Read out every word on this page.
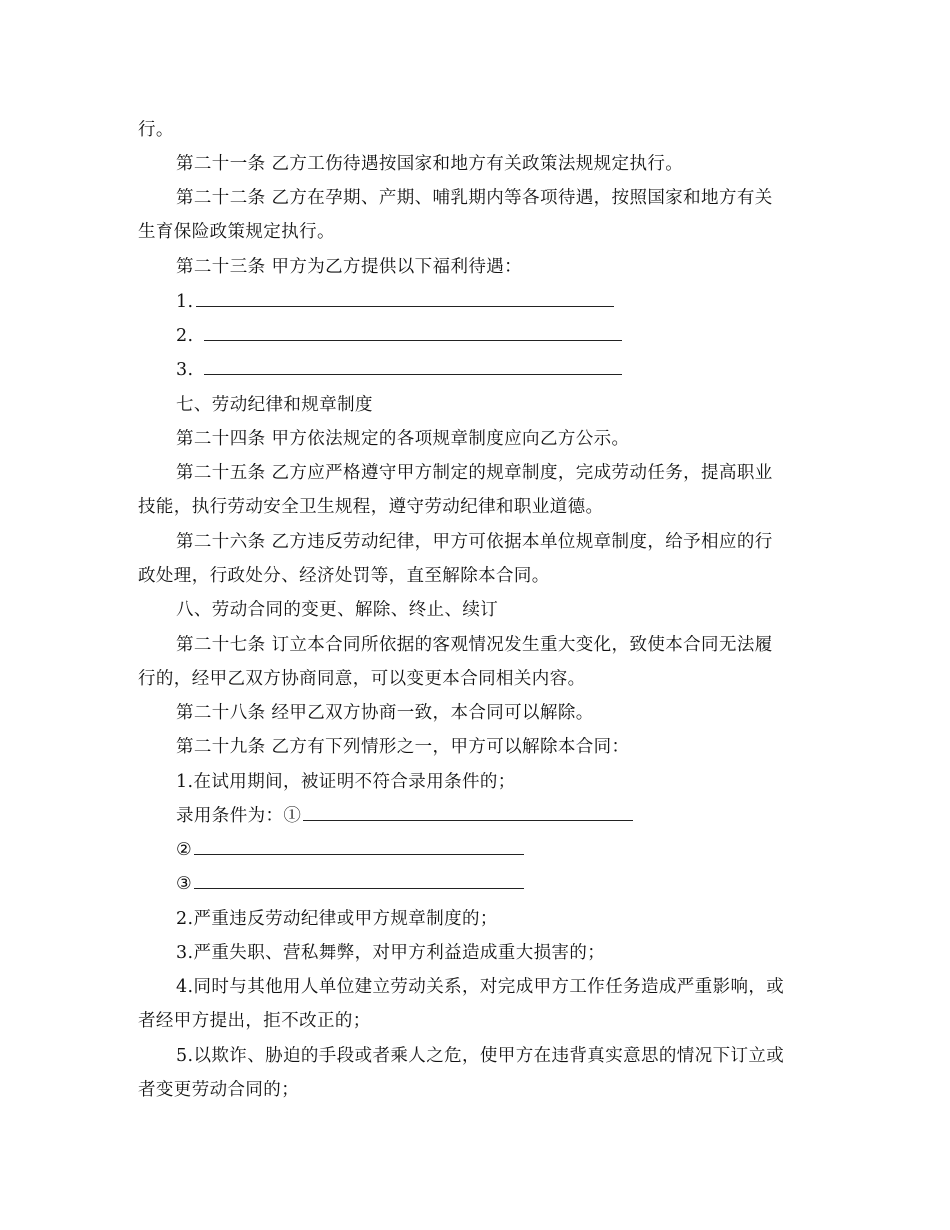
行。
第二十一条 乙方工伤待遇按国家和地方有关政策法规规定执行。
第二十二条 乙方在孕期、产期、哺乳期内等各项待遇，按照国家和地方有关
生育保险政策规定执行。
第二十三条 甲方为乙方提供以下福利待遇：
1.
2.
3.
七、劳动纪律和规章制度
第二十四条 甲方依法规定的各项规章制度应向乙方公示。
第二十五条 乙方应严格遵守甲方制定的规章制度，完成劳动任务，提高职业
技能，执行劳动安全卫生规程，遵守劳动纪律和职业道德。
第二十六条 乙方违反劳动纪律，甲方可依据本单位规章制度，给予相应的行
政处理，行政处分、经济处罚等，直至解除本合同。
八、劳动合同的变更、解除、终止、续订
第二十七条 订立本合同所依据的客观情况发生重大变化，致使本合同无法履
行的，经甲乙双方协商同意，可以变更本合同相关内容。
第二十八条 经甲乙双方协商一致，本合同可以解除。
第二十九条 乙方有下列情形之一，甲方可以解除本合同：
1.在试用期间，被证明不符合录用条件的；
录用条件为：①
②
③
2.严重违反劳动纪律或甲方规章制度的；
3.严重失职、营私舞弊，对甲方利益造成重大损害的；
4.同时与其他用人单位建立劳动关系，对完成甲方工作任务造成严重影响，或
者经甲方提出，拒不改正的；
5.以欺诈、胁迫的手段或者乘人之危，使甲方在违背真实意思的情况下订立或
者变更劳动合同的；
